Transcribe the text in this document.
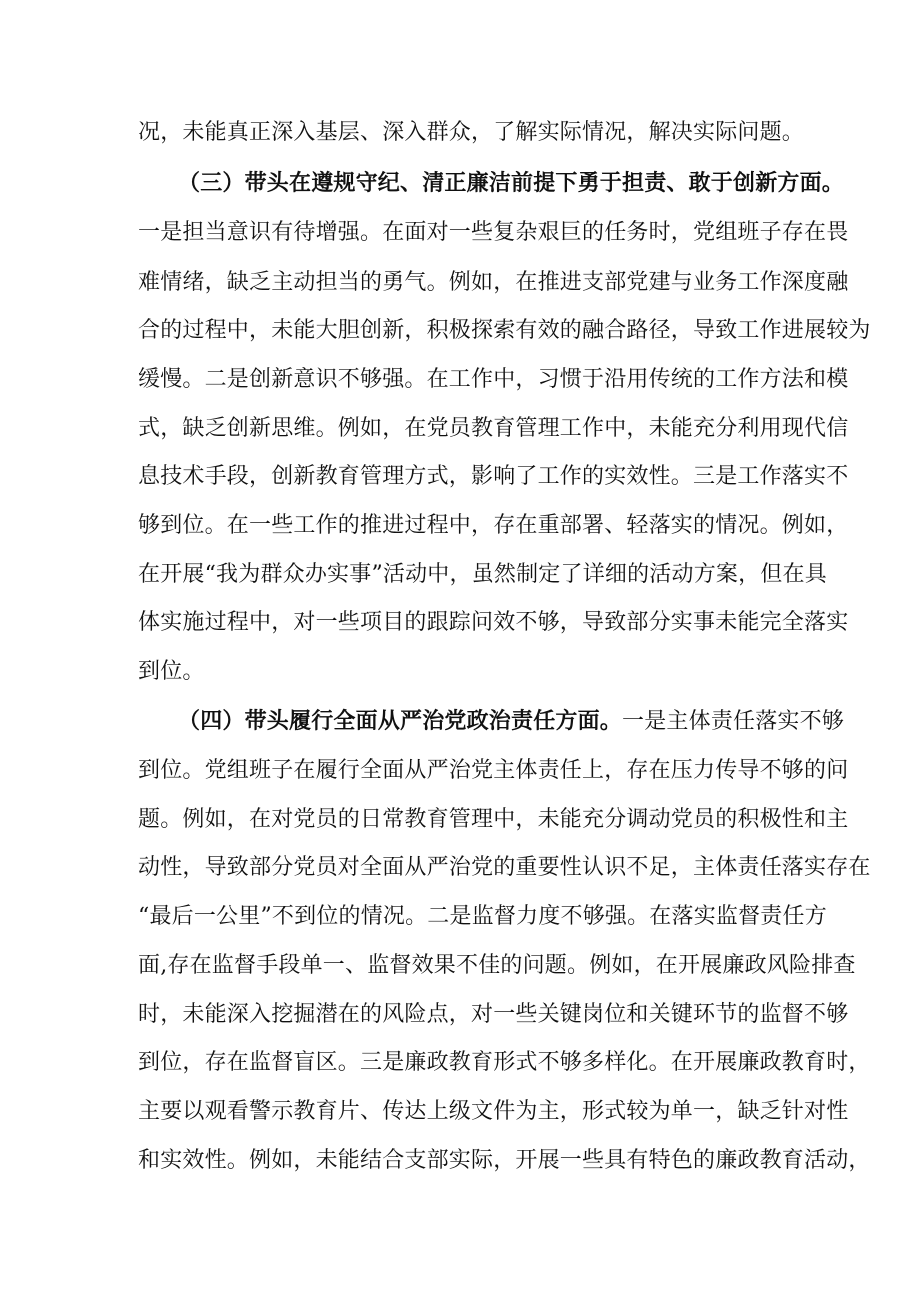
况，未能真正深入基层、深入群众，了解实际情况，解决实际问题。
（三）带头在遵规守纪、清正廉洁前提下勇于担责、敢于创新方面。
一是担当意识有待增强。在面对一些复杂艰巨的任务时，党组班子存在畏
难情绪，缺乏主动担当的勇气。例如，在推进支部党建与业务工作深度融
合的过程中，未能大胆创新，积极探索有效的融合路径，导致工作进展较为
缓慢。二是创新意识不够强。在工作中，习惯于沿用传统的工作方法和模
式，缺乏创新思维。例如，在党员教育管理工作中，未能充分利用现代信
息技术手段，创新教育管理方式，影响了工作的实效性。三是工作落实不
够到位。在一些工作的推进过程中，存在重部署、轻落实的情况。例如，
在开展“我为群众办实事”活动中，虽然制定了详细的活动方案，但在具
体实施过程中，对一些项目的跟踪问效不够，导致部分实事未能完全落实
到位。
（四）带头履行全面从严治党政治责任方面。一是主体责任落实不够
到位。党组班子在履行全面从严治党主体责任上，存在压力传导不够的问
题。例如，在对党员的日常教育管理中，未能充分调动党员的积极性和主
动性，导致部分党员对全面从严治党的重要性认识不足，主体责任落实存在
“最后一公里”不到位的情况。二是监督力度不够强。在落实监督责任方
面,存在监督手段单一、监督效果不佳的问题。例如，在开展廉政风险排查
时，未能深入挖掘潜在的风险点，对一些关键岗位和关键环节的监督不够
到位，存在监督盲区。三是廉政教育形式不够多样化。在开展廉政教育时，
主要以观看警示教育片、传达上级文件为主，形式较为单一，缺乏针对性
和实效性。例如，未能结合支部实际，开展一些具有特色的廉政教育活动，
